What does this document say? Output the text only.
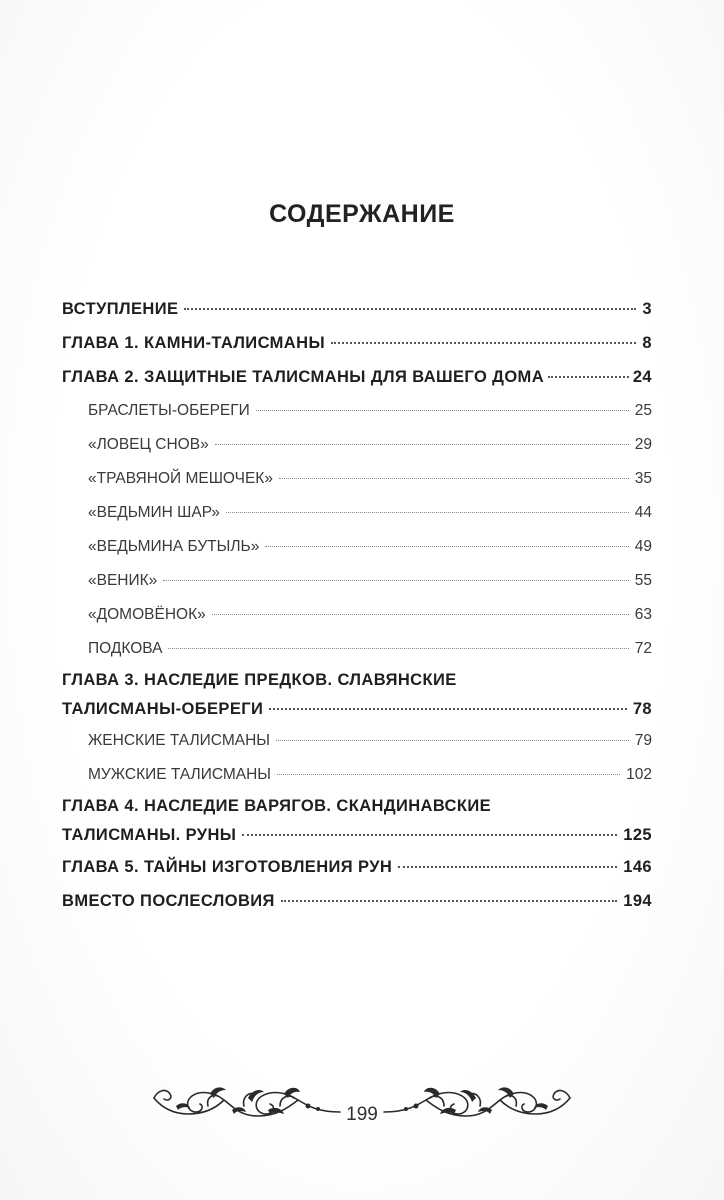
СОДЕРЖАНИЕ
ВСТУПЛЕНИЕ	3
ГЛАВА 1. КАМНИ-ТАЛИСМАНЫ	8
ГЛАВА 2. ЗАЩИТНЫЕ ТАЛИСМАНЫ ДЛЯ ВАШЕГО ДОМА	24
БРАСЛЕТЫ-ОБЕРЕГИ	25
«ЛОВЕЦ СНОВ»	29
«ТРАВЯНОЙ МЕШОЧЕК»	35
«ВЕДЬМИН ШАР»	44
«ВЕДЬМИНА БУТЫЛЬ»	49
«ВЕНИК»	55
«ДОМОВЁНОК»	63
ПОДКОВА	72
ГЛАВА 3. НАСЛЕДИЕ ПРЕДКОВ. СЛАВЯНСКИЕ
ТАЛИСМАНЫ-ОБЕРЕГИ	78
ЖЕНСКИЕ ТАЛИСМАНЫ	79
МУЖСКИЕ ТАЛИСМАНЫ	102
ГЛАВА 4. НАСЛЕДИЕ ВАРЯГОВ. СКАНДИНАВСКИЕ
ТАЛИСМАНЫ. РУНЫ	125
ГЛАВА 5. ТАЙНЫ ИЗГОТОВЛЕНИЯ РУН	146
ВМЕСТО ПОСЛЕСЛОВИЯ	194
199
